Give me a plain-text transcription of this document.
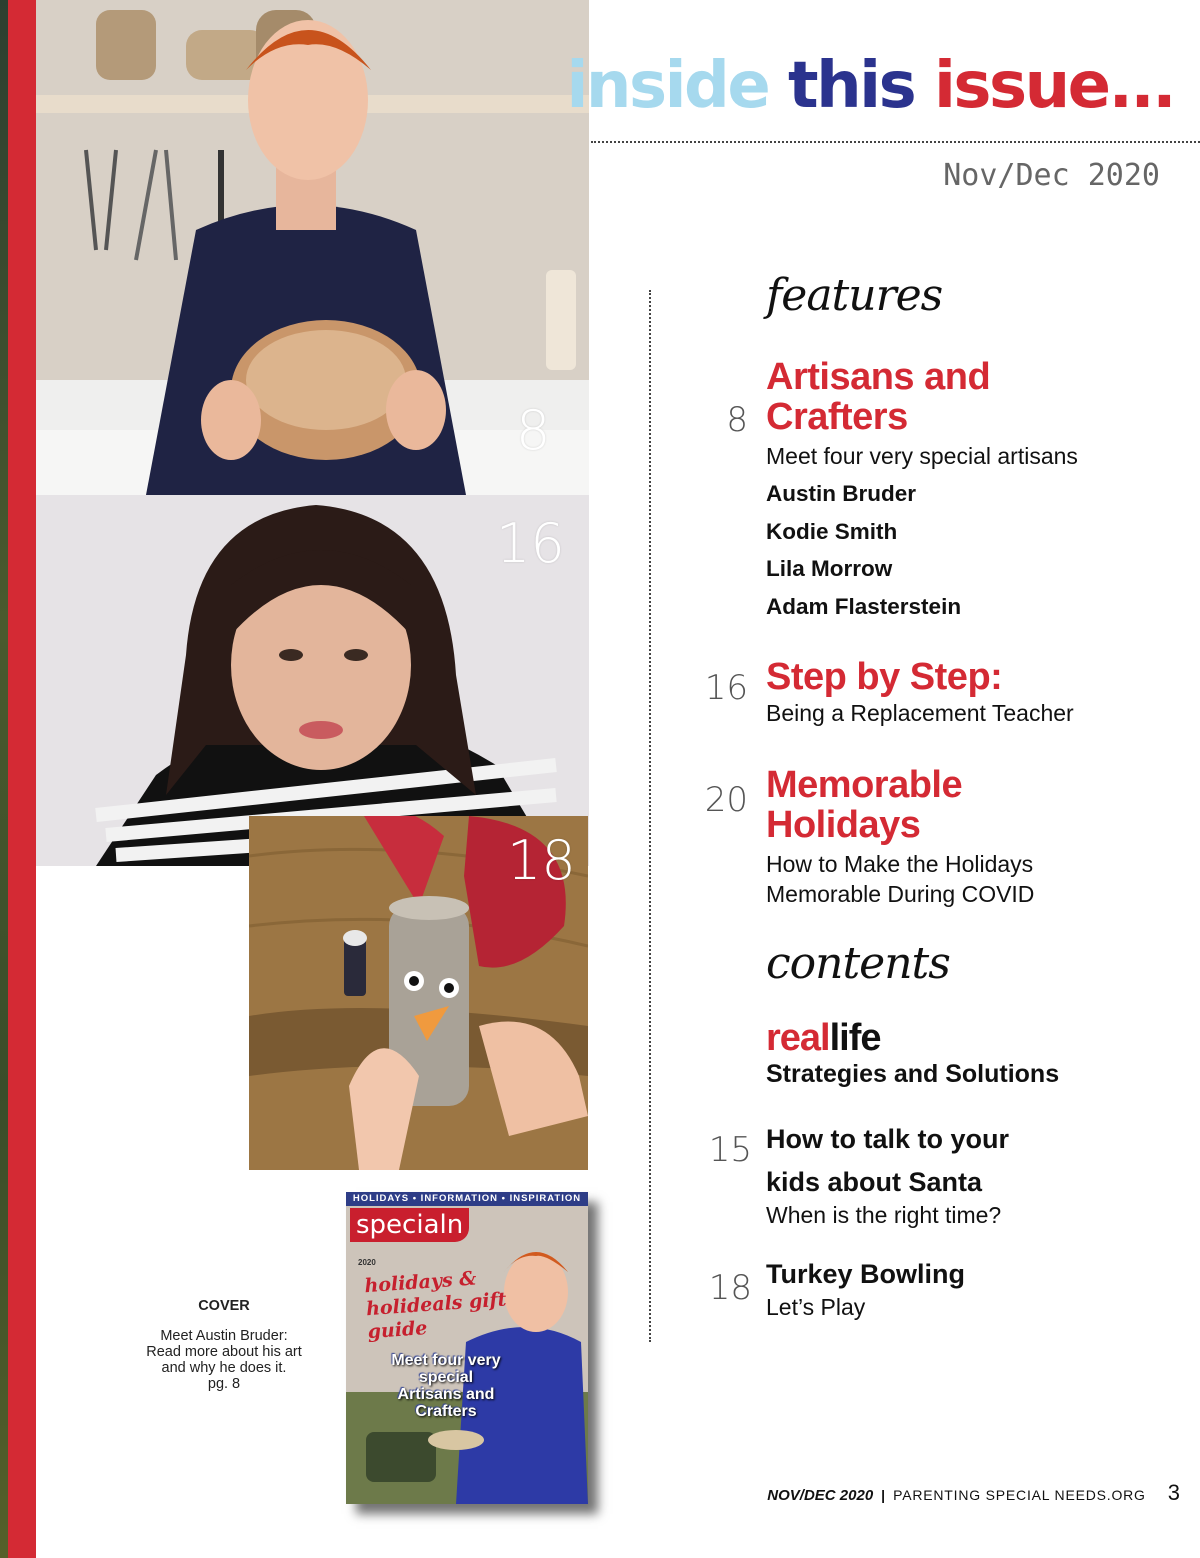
8
16
18
HOLIDAYS • INFORMATION • INSPIRATION
specialn
2020
holidays & holideals gift guide
Meet four very special Artisans and Crafters
COVER
Meet Austin Bruder:
Read more about his art
and why he does it.
pg. 8
inside this issue...
Nov/Dec 2020
features
8
Artisans and
Crafters
Meet four very special artisans
Austin Bruder
Kodie Smith
Lila Morrow
Adam Flasterstein
16 Step by Step:
Being a Replacement Teacher
20 Memorable
Holidays
How to Make the Holidays
Memorable During COVID
contents
reallife
Strategies and Solutions
15 How to talk to your
kids about Santa
When is the right time?
18 Turkey Bowling
Let’s Play
NOV/DEC 2020 | PARENTING SPECIAL NEEDS.ORG 3
